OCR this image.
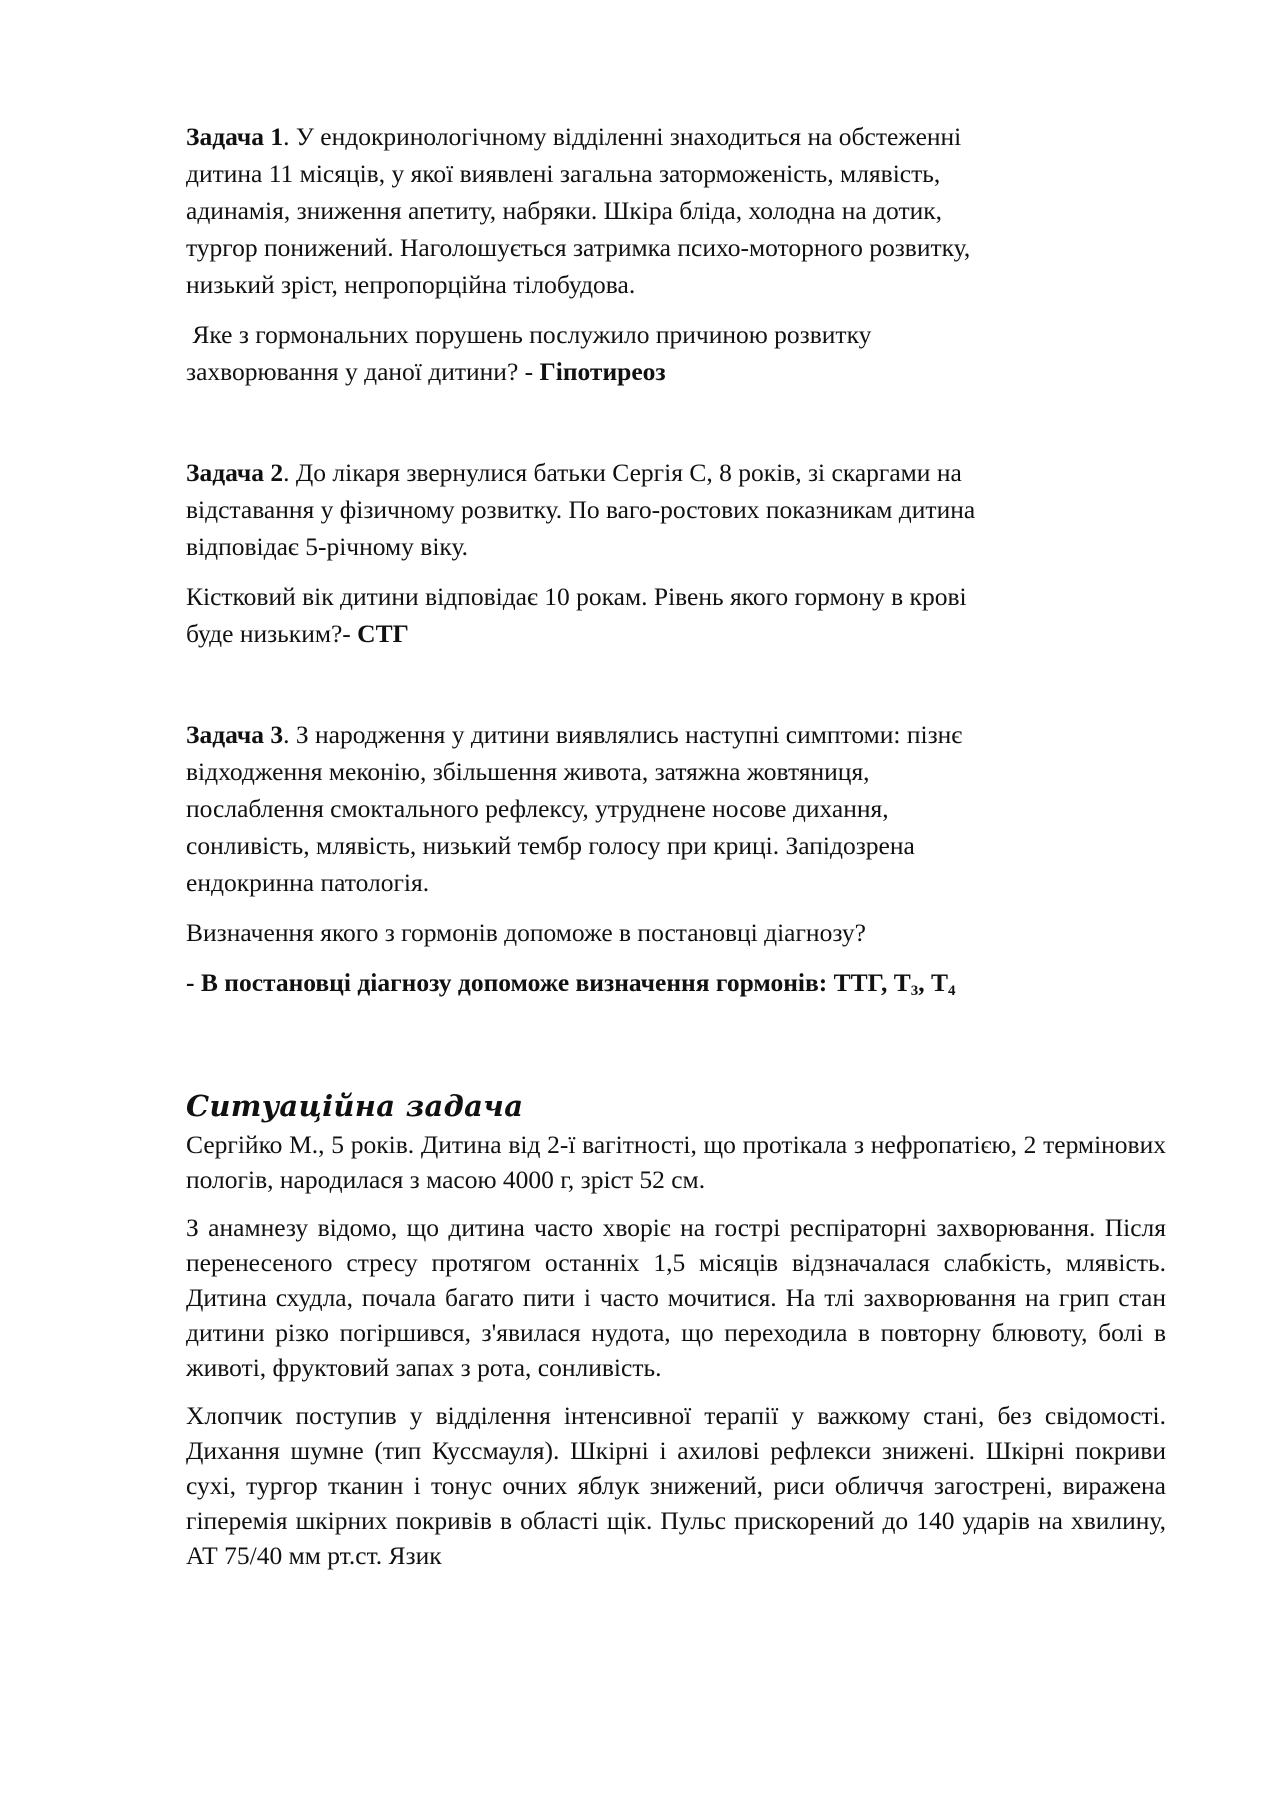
Задача 1. У ендокринологічному відділенні знаходиться на обстеженні
дитина 11 місяців, у якої виявлені загальна заторможеність, млявість,
адинамія, зниження апетиту, набряки. Шкіра бліда, холодна на дотик,
тургор понижений. Наголошується затримка психо-моторного розвитку,
низький зріст, непропорційна тілобудова.

Яке з гормональних порушень послужило причиною розвитку
захворювання у даної дитини? - Гіпотиреоз

Задача 2. До лікаря звернулися батьки Сергія С, 8 років, зі скаргами на
відставання у фізичному розвитку. По ваго-ростових показникам дитина
відповідає 5-річному віку.

Кістковий вік дитини відповідає 10 рокам. Рівень якого гормону в крові
буде низьким?- СТГ

Задача 3. З народження у дитини виявлялись наступні симптоми: пізнє
відходження меконію, збільшення живота, затяжна жовтяниця,
послаблення смоктального рефлексу, утруднене носове дихання,
сонливість, млявість, низький тембр голосу при криці. Запідозрена
ендокринна патологія.

Визначення якого з гормонів допоможе в постановці діагнозу?

- В постановці діагнозу допоможе визначення гормонів: ТТГ, $Т_3$, $Т_4$

Ситуаційна задача

Сергійко М., 5 років. Дитина від 2-ї вагітності, що протікала з нефропатією, 2 термінових пологів, народилася з масою 4000 г, зріст 52 см.

З анамнезу відомо, що дитина часто хворіє на гострі респіраторні захворювання. Після перенесеного стресу протягом останніх 1,5 місяців відзначалася слабкість, млявість. Дитина схудла, почала багато пити і часто мочитися. На тлі захворювання на грип стан дитини різко погіршився, з'явилася нудота, що переходила в повторну блювоту, болі в животі, фруктовий запах з рота, сонливість.

Хлопчик поступив у відділення інтенсивної терапії у важкому стані, без свідомості. Дихання шумне (тип Куссмауля). Шкірні і ахилові рефлекси знижені. Шкірні покриви сухі, тургор тканин і тонус очних яблук знижений, риси обличчя загострені, виражена гіперемія шкірних покривів в області щік. Пульс прискорений до 140 ударів на хвилину, АТ 75/40 мм рт.ст. Язик
